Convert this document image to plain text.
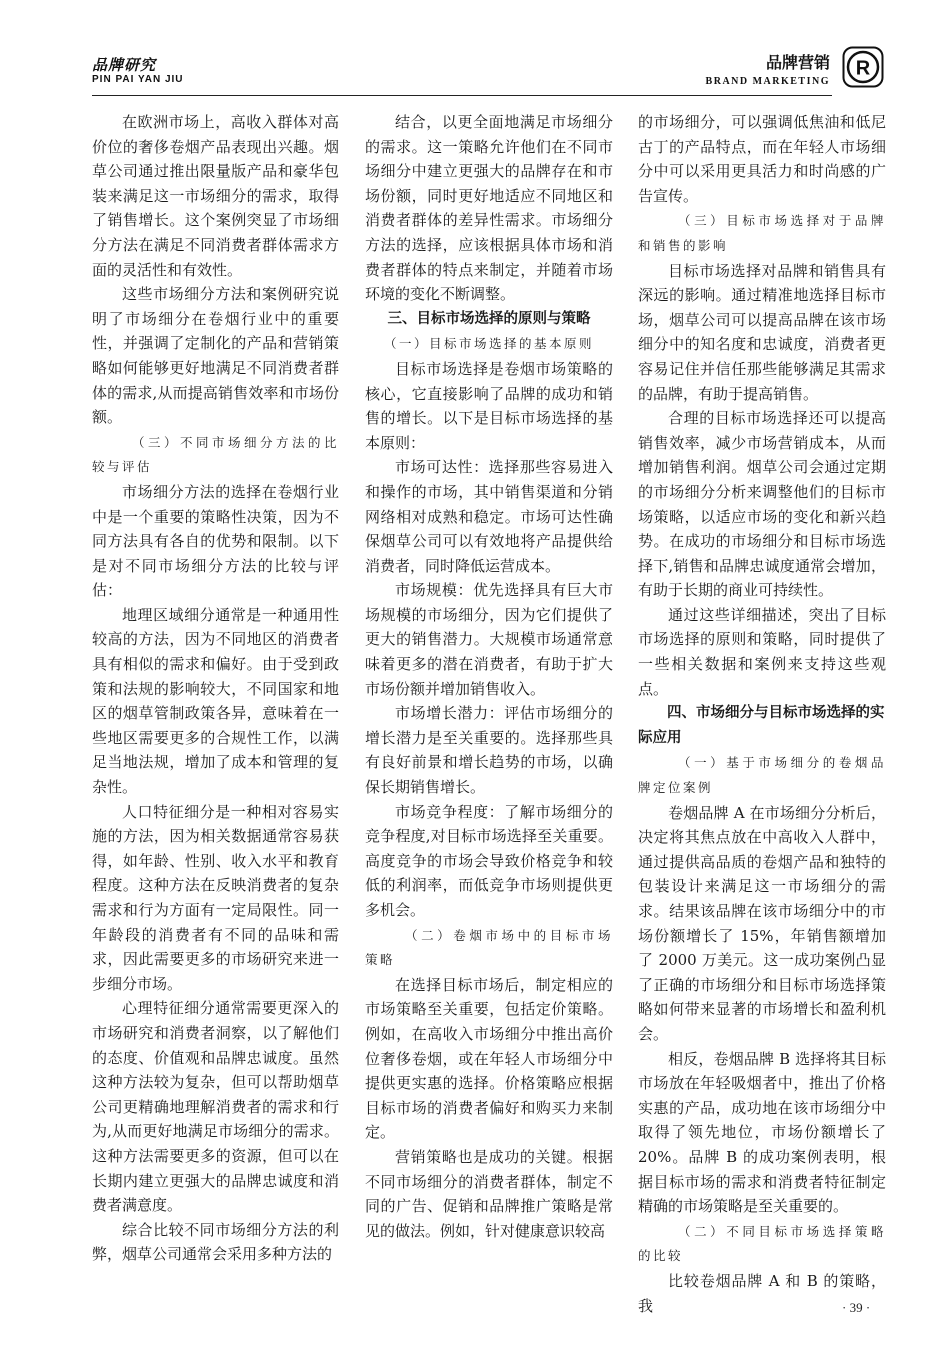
品牌研究
PIN PAI YAN JIU
品牌营销
BRAND MARKETING
R

在欧洲市场上，高收入群体对高价位的奢侈卷烟产品表现出兴趣。烟草公司通过推出限量版产品和豪华包装来满足这一市场细分的需求，取得了销售增长。这个案例突显了市场细分方法在满足不同消费者群体需求方面的灵活性和有效性。

这些市场细分方法和案例研究说明了市场细分在卷烟行业中的重要性，并强调了定制化的产品和营销策略如何能够更好地满足不同消费者群体的需求,从而提高销售效率和市场份额。

（三）不同市场细分方法的比较与评估

市场细分方法的选择在卷烟行业中是一个重要的策略性决策，因为不同方法具有各自的优势和限制。以下是对不同市场细分方法的比较与评估：

地理区域细分通常是一种通用性较高的方法，因为不同地区的消费者具有相似的需求和偏好。由于受到政策和法规的影响较大，不同国家和地区的烟草管制政策各异，意味着在一些地区需要更多的合规性工作，以满足当地法规，增加了成本和管理的复杂性。

人口特征细分是一种相对容易实施的方法，因为相关数据通常容易获得，如年龄、性别、收入水平和教育程度。这种方法在反映消费者的复杂需求和行为方面有一定局限性。同一年龄段的消费者有不同的品味和需求，因此需要更多的市场研究来进一步细分市场。

心理特征细分通常需要更深入的市场研究和消费者洞察，以了解他们的态度、价值观和品牌忠诚度。虽然这种方法较为复杂，但可以帮助烟草公司更精确地理解消费者的需求和行为,从而更好地满足市场细分的需求。这种方法需要更多的资源，但可以在长期内建立更强大的品牌忠诚度和消费者满意度。

综合比较不同市场细分方法的利弊，烟草公司通常会采用多种方法的

结合，以更全面地满足市场细分的需求。这一策略允许他们在不同市场细分中建立更强大的品牌存在和市场份额，同时更好地适应不同地区和消费者群体的差异性需求。市场细分方法的选择，应该根据具体市场和消费者群体的特点来制定，并随着市场环境的变化不断调整。

三、目标市场选择的原则与策略

（一）目标市场选择的基本原则

目标市场选择是卷烟市场策略的核心，它直接影响了品牌的成功和销售的增长。以下是目标市场选择的基本原则：

市场可达性：选择那些容易进入和操作的市场，其中销售渠道和分销网络相对成熟和稳定。市场可达性确保烟草公司可以有效地将产品提供给消费者，同时降低运营成本。

市场规模：优先选择具有巨大市场规模的市场细分，因为它们提供了更大的销售潜力。大规模市场通常意味着更多的潜在消费者，有助于扩大市场份额并增加销售收入。

市场增长潜力：评估市场细分的增长潜力是至关重要的。选择那些具有良好前景和增长趋势的市场，以确保长期销售增长。

市场竞争程度：了解市场细分的竞争程度,对目标市场选择至关重要。高度竞争的市场会导致价格竞争和较低的利润率，而低竞争市场则提供更多机会。

（二）卷烟市场中的目标市场策略

在选择目标市场后，制定相应的市场策略至关重要，包括定价策略。例如，在高收入市场细分中推出高价位奢侈卷烟，或在年轻人市场细分中提供更实惠的选择。价格策略应根据目标市场的消费者偏好和购买力来制定。

营销策略也是成功的关键。根据不同市场细分的消费者群体，制定不同的广告、促销和品牌推广策略是常见的做法。例如，针对健康意识较高

的市场细分，可以强调低焦油和低尼古丁的产品特点，而在年轻人市场细分中可以采用更具活力和时尚感的广告宣传。

（三）目标市场选择对于品牌和销售的影响

目标市场选择对品牌和销售具有深远的影响。通过精准地选择目标市场，烟草公司可以提高品牌在该市场细分中的知名度和忠诚度，消费者更容易记住并信任那些能够满足其需求的品牌，有助于提高销售。

合理的目标市场选择还可以提高销售效率，减少市场营销成本，从而增加销售利润。烟草公司会通过定期的市场细分分析来调整他们的目标市场策略，以适应市场的变化和新兴趋势。在成功的市场细分和目标市场选择下,销售和品牌忠诚度通常会增加，有助于长期的商业可持续性。

通过这些详细描述，突出了目标市场选择的原则和策略，同时提供了一些相关数据和案例来支持这些观点。

四、市场细分与目标市场选择的实际应用

（一）基于市场细分的卷烟品牌定位案例

卷烟品牌 A 在市场细分分析后，决定将其焦点放在中高收入人群中，通过提供高品质的卷烟产品和独特的包装设计来满足这一市场细分的需求。结果该品牌在该市场细分中的市场份额增长了 15%，年销售额增加了 2000 万美元。这一成功案例凸显了正确的市场细分和目标市场选择策略如何带来显著的市场增长和盈利机会。

相反，卷烟品牌 B 选择将其目标市场放在年轻吸烟者中，推出了价格实惠的产品，成功地在该市场细分中取得了领先地位，市场份额增长了 20%。品牌 B 的成功案例表明，根据目标市场的需求和消费者特征制定精确的市场策略是至关重要的。

（二）不同目标市场选择策略的比较

比较卷烟品牌 A 和 B 的策略，我	· 39 ·
